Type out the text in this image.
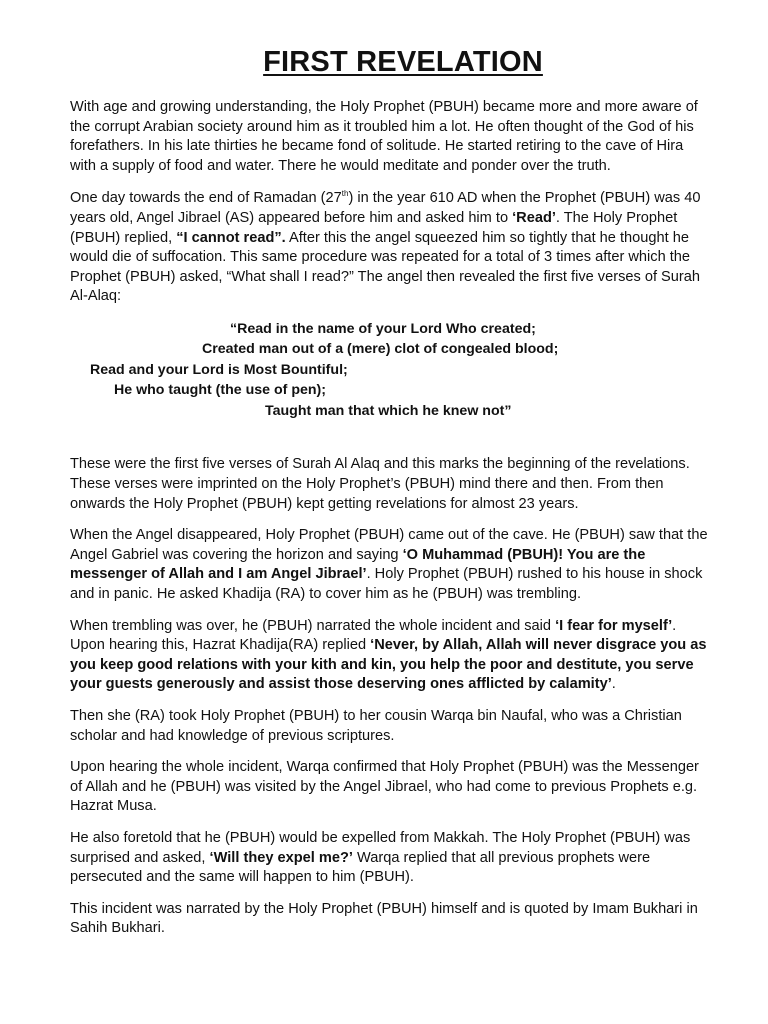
FIRST REVELATION

With age and growing understanding, the Holy Prophet (PBUH) became more and more aware of the corrupt Arabian society around him as it troubled him a lot. He often thought of the God of his forefathers. In his late thirties he became fond of solitude. He started retiring to the cave of Hira with a supply of food and water. There he would meditate and ponder over the truth.

One day towards the end of Ramadan (27th) in the year 610 AD when the Prophet (PBUH) was 40 years old, Angel Jibrael (AS) appeared before him and asked him to ‘Read’. The Holy Prophet (PBUH) replied, “I cannot read”. After this the angel squeezed him so tightly that he thought he would die of suffocation. This same procedure was repeated for a total of 3 times after which the Prophet (PBUH) asked, “What shall I read?” The angel then revealed the first five verses of Surah Al-Alaq:

“Read in the name of your Lord Who created;

Created man out of a (mere) clot of congealed blood;

Read and your Lord is Most Bountiful;

He who taught (the use of pen);

Taught man that which he knew not”

These were the first five verses of Surah Al Alaq and this marks the beginning of the revelations. These verses were imprinted on the Holy Prophet’s (PBUH) mind there and then. From then onwards the Holy Prophet (PBUH) kept getting revelations for almost 23 years.

When the Angel disappeared, Holy Prophet (PBUH) came out of the cave. He (PBUH) saw that the Angel Gabriel was covering the horizon and saying ‘O Muhammad (PBUH)! You are the messenger of Allah and I am Angel Jibrael’. Holy Prophet (PBUH) rushed to his house in shock and in panic. He asked Khadija (RA) to cover him as he (PBUH) was trembling.

When trembling was over, he (PBUH) narrated the whole incident and said ‘I fear for myself’. Upon hearing this, Hazrat Khadija(RA) replied ‘Never, by Allah, Allah will never disgrace you as you keep good relations with your kith and kin, you help the poor and destitute, you serve your guests generously and assist those deserving ones afflicted by calamity’.

Then she (RA) took Holy Prophet (PBUH) to her cousin Warqa bin Naufal, who was a Christian scholar and had knowledge of previous scriptures.

Upon hearing the whole incident, Warqa confirmed that Holy Prophet (PBUH) was the Messenger of Allah and he (PBUH) was visited by the Angel Jibrael, who had come to previous Prophets e.g. Hazrat Musa.

He also foretold that he (PBUH) would be expelled from Makkah. The Holy Prophet (PBUH) was surprised and asked, ‘Will they expel me?’ Warqa replied that all previous prophets were persecuted and the same will happen to him (PBUH).

This incident was narrated by the Holy Prophet (PBUH) himself and is quoted by Imam Bukhari in Sahih Bukhari.
